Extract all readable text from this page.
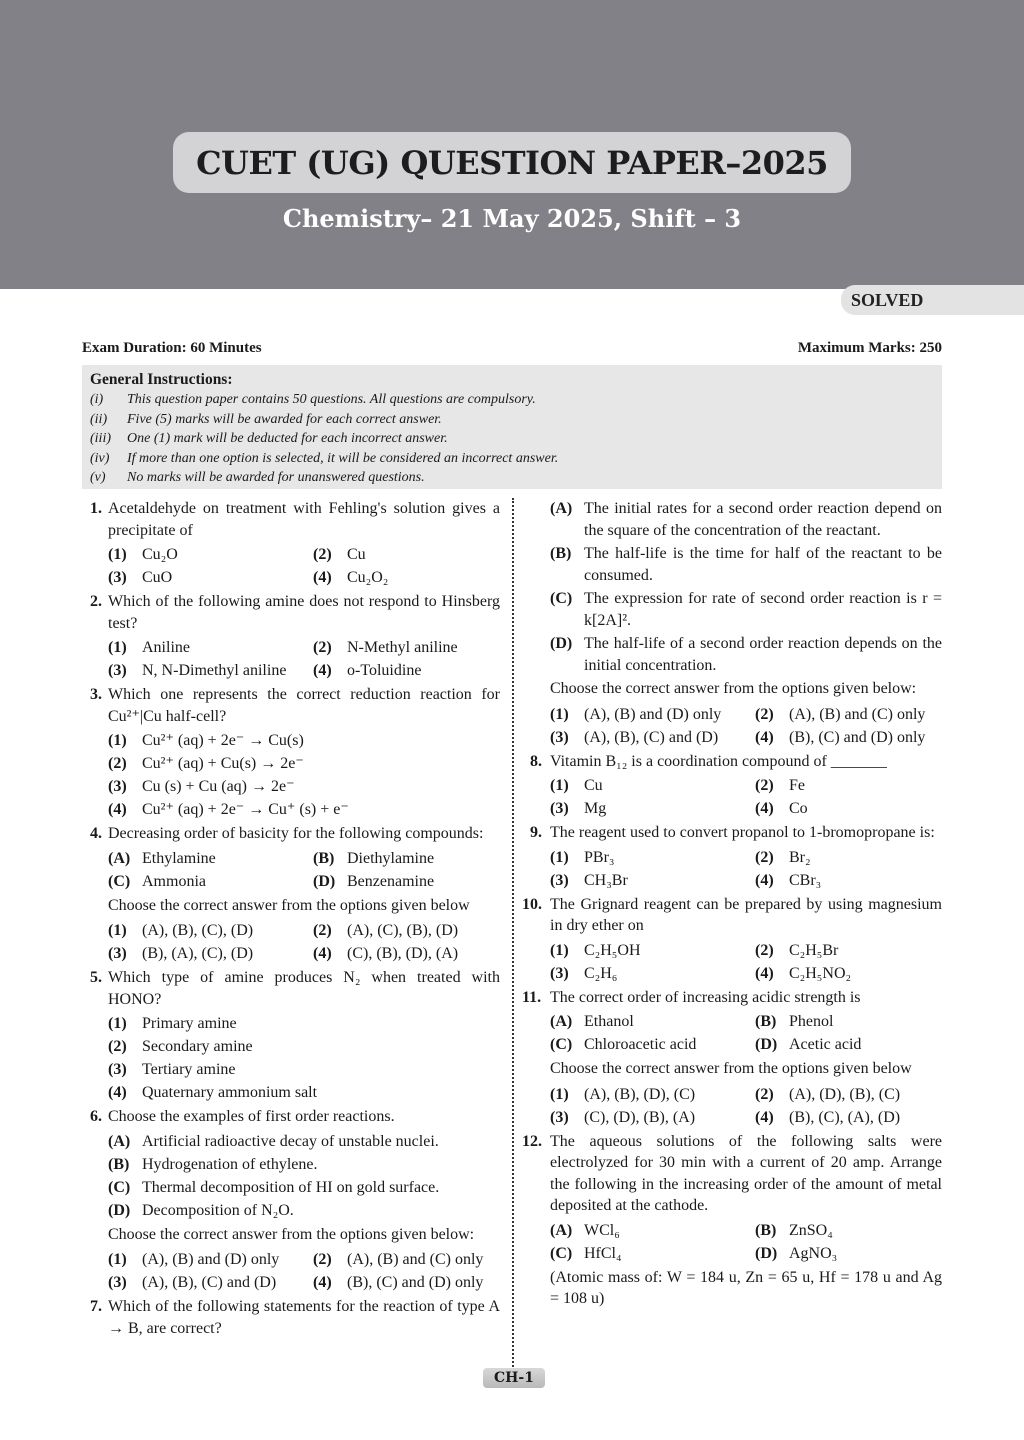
CUET (UG) QUESTION PAPER–2025
Chemistry– 21 May 2025, Shift – 3
SOLVED
Exam Duration: 60 Minutes	Maximum Marks: 250
General Instructions:
(i)	This question paper contains 50 questions. All questions are compulsory.
(ii)	Five (5) marks will be awarded for each correct answer.
(iii)	One (1) mark will be deducted for each incorrect answer.
(iv)	If more than one option is selected, it will be considered an incorrect answer.
(v)	No marks will be awarded for unanswered questions.
1. Acetaldehyde on treatment with Fehling's solution gives a precipitate of
(1) Cu₂O	(2) Cu
(3) CuO	(4) Cu₂O₂
2. Which of the following amine does not respond to Hinsberg test?
(1) Aniline	(2) N-Methyl aniline
(3) N, N-Dimethyl aniline	(4) o-Toluidine
3. Which one represents the correct reduction reaction for Cu²⁺|Cu half-cell?
(1) Cu²⁺ (aq) + 2e⁻ → Cu(s)
(2) Cu²⁺ (aq) + Cu(s) → 2e⁻
(3) Cu (s) + Cu (aq) → 2e⁻
(4) Cu²⁺ (aq) + 2e⁻ → Cu⁺ (s) + e⁻
4. Decreasing order of basicity for the following compounds:
(A) Ethylamine	(B) Diethylamine
(C) Ammonia	(D) Benzenamine
Choose the correct answer from the options given below
(1) (A), (B), (C), (D)	(2) (A), (C), (B), (D)
(3) (B), (A), (C), (D)	(4) (C), (B), (D), (A)
5. Which type of amine produces N₂ when treated with HONO?
(1) Primary amine
(2) Secondary amine
(3) Tertiary amine
(4) Quaternary ammonium salt
6. Choose the examples of first order reactions.
(A) Artificial radioactive decay of unstable nuclei.
(B) Hydrogenation of ethylene.
(C) Thermal decomposition of HI on gold surface.
(D) Decomposition of N₂O.
Choose the correct answer from the options given below:
(1) (A), (B) and (D) only	(2) (A), (B) and (C) only
(3) (A), (B), (C) and (D)	(4) (B), (C) and (D) only
7. Which of the following statements for the reaction of type A → B, are correct?
(A) The initial rates for a second order reaction depend on the square of the concentration of the reactant.
(B) The half-life is the time for half of the reactant to be consumed.
(C) The expression for rate of second order reaction is r = k[2A]².
(D) The half-life of a second order reaction depends on the initial concentration.
Choose the correct answer from the options given below:
(1) (A), (B) and (D) only	(2) (A), (B) and (C) only
(3) (A), (B), (C) and (D)	(4) (B), (C) and (D) only
8. Vitamin B₁₂ is a coordination compound of _______
(1) Cu	(2) Fe
(3) Mg	(4) Co
9. The reagent used to convert propanol to 1-bromopropane is:
(1) PBr₃	(2) Br₂
(3) CH₃Br	(4) CBr₃
10. The Grignard reagent can be prepared by using magnesium in dry ether on
(1) C₂H₅OH	(2) C₂H₅Br
(3) C₂H₆	(4) C₂H₅NO₂
11. The correct order of increasing acidic strength is
(A) Ethanol	(B) Phenol
(C) Chloroacetic acid	(D) Acetic acid
Choose the correct answer from the options given below
(1) (A), (B), (D), (C)	(2) (A), (D), (B), (C)
(3) (C), (D), (B), (A)	(4) (B), (C), (A), (D)
12. The aqueous solutions of the following salts were electrolyzed for 30 min with a current of 20 amp. Arrange the following in the increasing order of the amount of metal deposited at the cathode.
(A) WCl₆	(B) ZnSO₄
(C) HfCl₄	(D) AgNO₃
(Atomic mass of: W = 184 u, Zn = 65 u, Hf = 178 u and Ag = 108 u)
CH-1
